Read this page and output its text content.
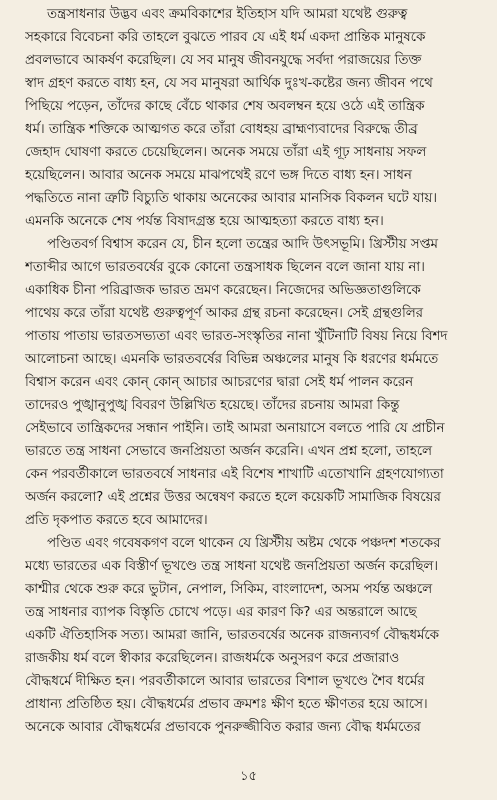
তন্ত্রসাধনার উদ্ভব এবং ক্রমবিকাশের ইতিহাস যদি আমরা যথেষ্ট গুরুত্ব
সহকারে বিবেচনা করি তাহলে বুঝতে পারব যে এই ধর্ম একদা প্রান্তিক মানুষকে
প্রবলভাবে আকর্ষণ করেছিল। যে সব মানুষ জীবনযুদ্ধে সর্বদা পরাজয়ের তিক্ত
স্বাদ গ্রহণ করতে বাধ্য হন, যে সব মানুষরা আর্থিক দুঃখ-কষ্টের জন্য জীবন পথে
পিছিয়ে পড়েন, তাঁদের কাছে বেঁচে থাকার শেষ অবলম্বন হয়ে ওঠে এই তান্ত্রিক
ধর্ম। তান্ত্রিক শক্তিকে আত্মগত করে তাঁরা বোধহয় ব্রাহ্মণ্যবাদের বিরুদ্ধে তীব্র
জেহাদ ঘোষণা করতে চেয়েছিলেন। অনেক সময়ে তাঁরা এই গূঢ় সাধনায় সফল
হয়েছিলেন। আবার অনেক সময়ে মাঝপথেই রণে ভঙ্গ দিতে বাধ্য হন। সাধন
পদ্ধতিতে নানা ত্রুটি বিচ্যুতি থাকায় অনেকের আবার মানসিক বিকলন ঘটে যায়।
এমনকি অনেকে শেষ পর্যন্ত বিষাদগ্রস্ত হয়ে আত্মহত্যা করতে বাধ্য হন।
পণ্ডিতবর্গ বিশ্বাস করেন যে, চীন হলো তন্ত্রের আদি উৎসভূমি। খ্রিস্টীয় সপ্তম
শতাব্দীর আগে ভারতবর্ষের বুকে কোনো তন্ত্রসাধক ছিলেন বলে জানা যায় না।
একাধিক চীনা পরিব্রাজক ভারত ভ্রমণ করেছেন। নিজেদের অভিজ্ঞতাগুলিকে
পাথেয় করে তাঁরা যথেষ্ট গুরুত্বপূর্ণ আকর গ্রন্থ রচনা করেছেন। সেই গ্রন্থগুলির
পাতায় পাতায় ভারতসভ্যতা এবং ভারত-সংস্কৃতির নানা খুঁটিনাটি বিষয় নিয়ে বিশদ
আলোচনা আছে। এমনকি ভারতবর্ষের বিভিন্ন অঞ্চলের মানুষ কি ধরণের ধর্মমতে
বিশ্বাস করেন এবং কোন্ কোন্ আচার আচরণের দ্বারা সেই ধর্ম পালন করেন
তাদেরও পুঙ্খানুপুঙ্খ বিবরণ উল্লিখিত হয়েছে। তাঁদের রচনায় আমরা কিন্তু
সেইভাবে তান্ত্রিকদের সন্ধান পাইনি। তাই আমরা অনায়াসে বলতে পারি যে প্রাচীন
ভারতে তন্ত্র সাধনা সেভাবে জনপ্রিয়তা অর্জন করেনি। এখন প্রশ্ন হলো, তাহলে
কেন পরবর্তীকালে ভারতবর্ষে সাধনার এই বিশেষ শাখাটি এতোখানি গ্রহণযোগ্যতা
অর্জন করলো? এই প্রশ্নের উত্তর অন্বেষণ করতে হলে কয়েকটি সামাজিক বিষয়ের
প্রতি দৃকপাত করতে হবে আমাদের।
পণ্ডিত এবং গবেষকগণ বলে থাকেন যে খ্রিস্টীয় অষ্টম থেকে পঞ্চদশ শতকের
মধ্যে ভারতের এক বিস্তীর্ণ ভূখণ্ডে তন্ত্র সাধনা যথেষ্ট জনপ্রিয়তা অর্জন করেছিল।
কাশ্মীর থেকে শুরু করে ভুটান, নেপাল, সিকিম, বাংলাদেশ, অসম পর্যন্ত অঞ্চলে
তন্ত্র সাধনার ব্যাপক বিস্তৃতি চোখে পড়ে। এর কারণ কি? এর অন্তরালে আছে
একটি ঐতিহাসিক সত্য। আমরা জানি, ভারতবর্ষের অনেক রাজন্যবর্গ বৌদ্ধধর্মকে
রাজকীয় ধর্ম বলে স্বীকার করেছিলেন। রাজধর্মকে অনুসরণ করে প্রজারাও
বৌদ্ধধর্মে দীক্ষিত হন। পরবর্তীকালে আবার ভারতের বিশাল ভূখণ্ডে শৈব ধর্মের
প্রাধান্য প্রতিষ্ঠিত হয়। বৌদ্ধধর্মের প্রভাব ক্রমশঃ ক্ষীণ হতে ক্ষীণতর হয়ে আসে।
অনেকে আবার বৌদ্ধধর্মের প্রভাবকে পুনরুজ্জীবিত করার জন্য বৌদ্ধ ধর্মমতের
১৫
